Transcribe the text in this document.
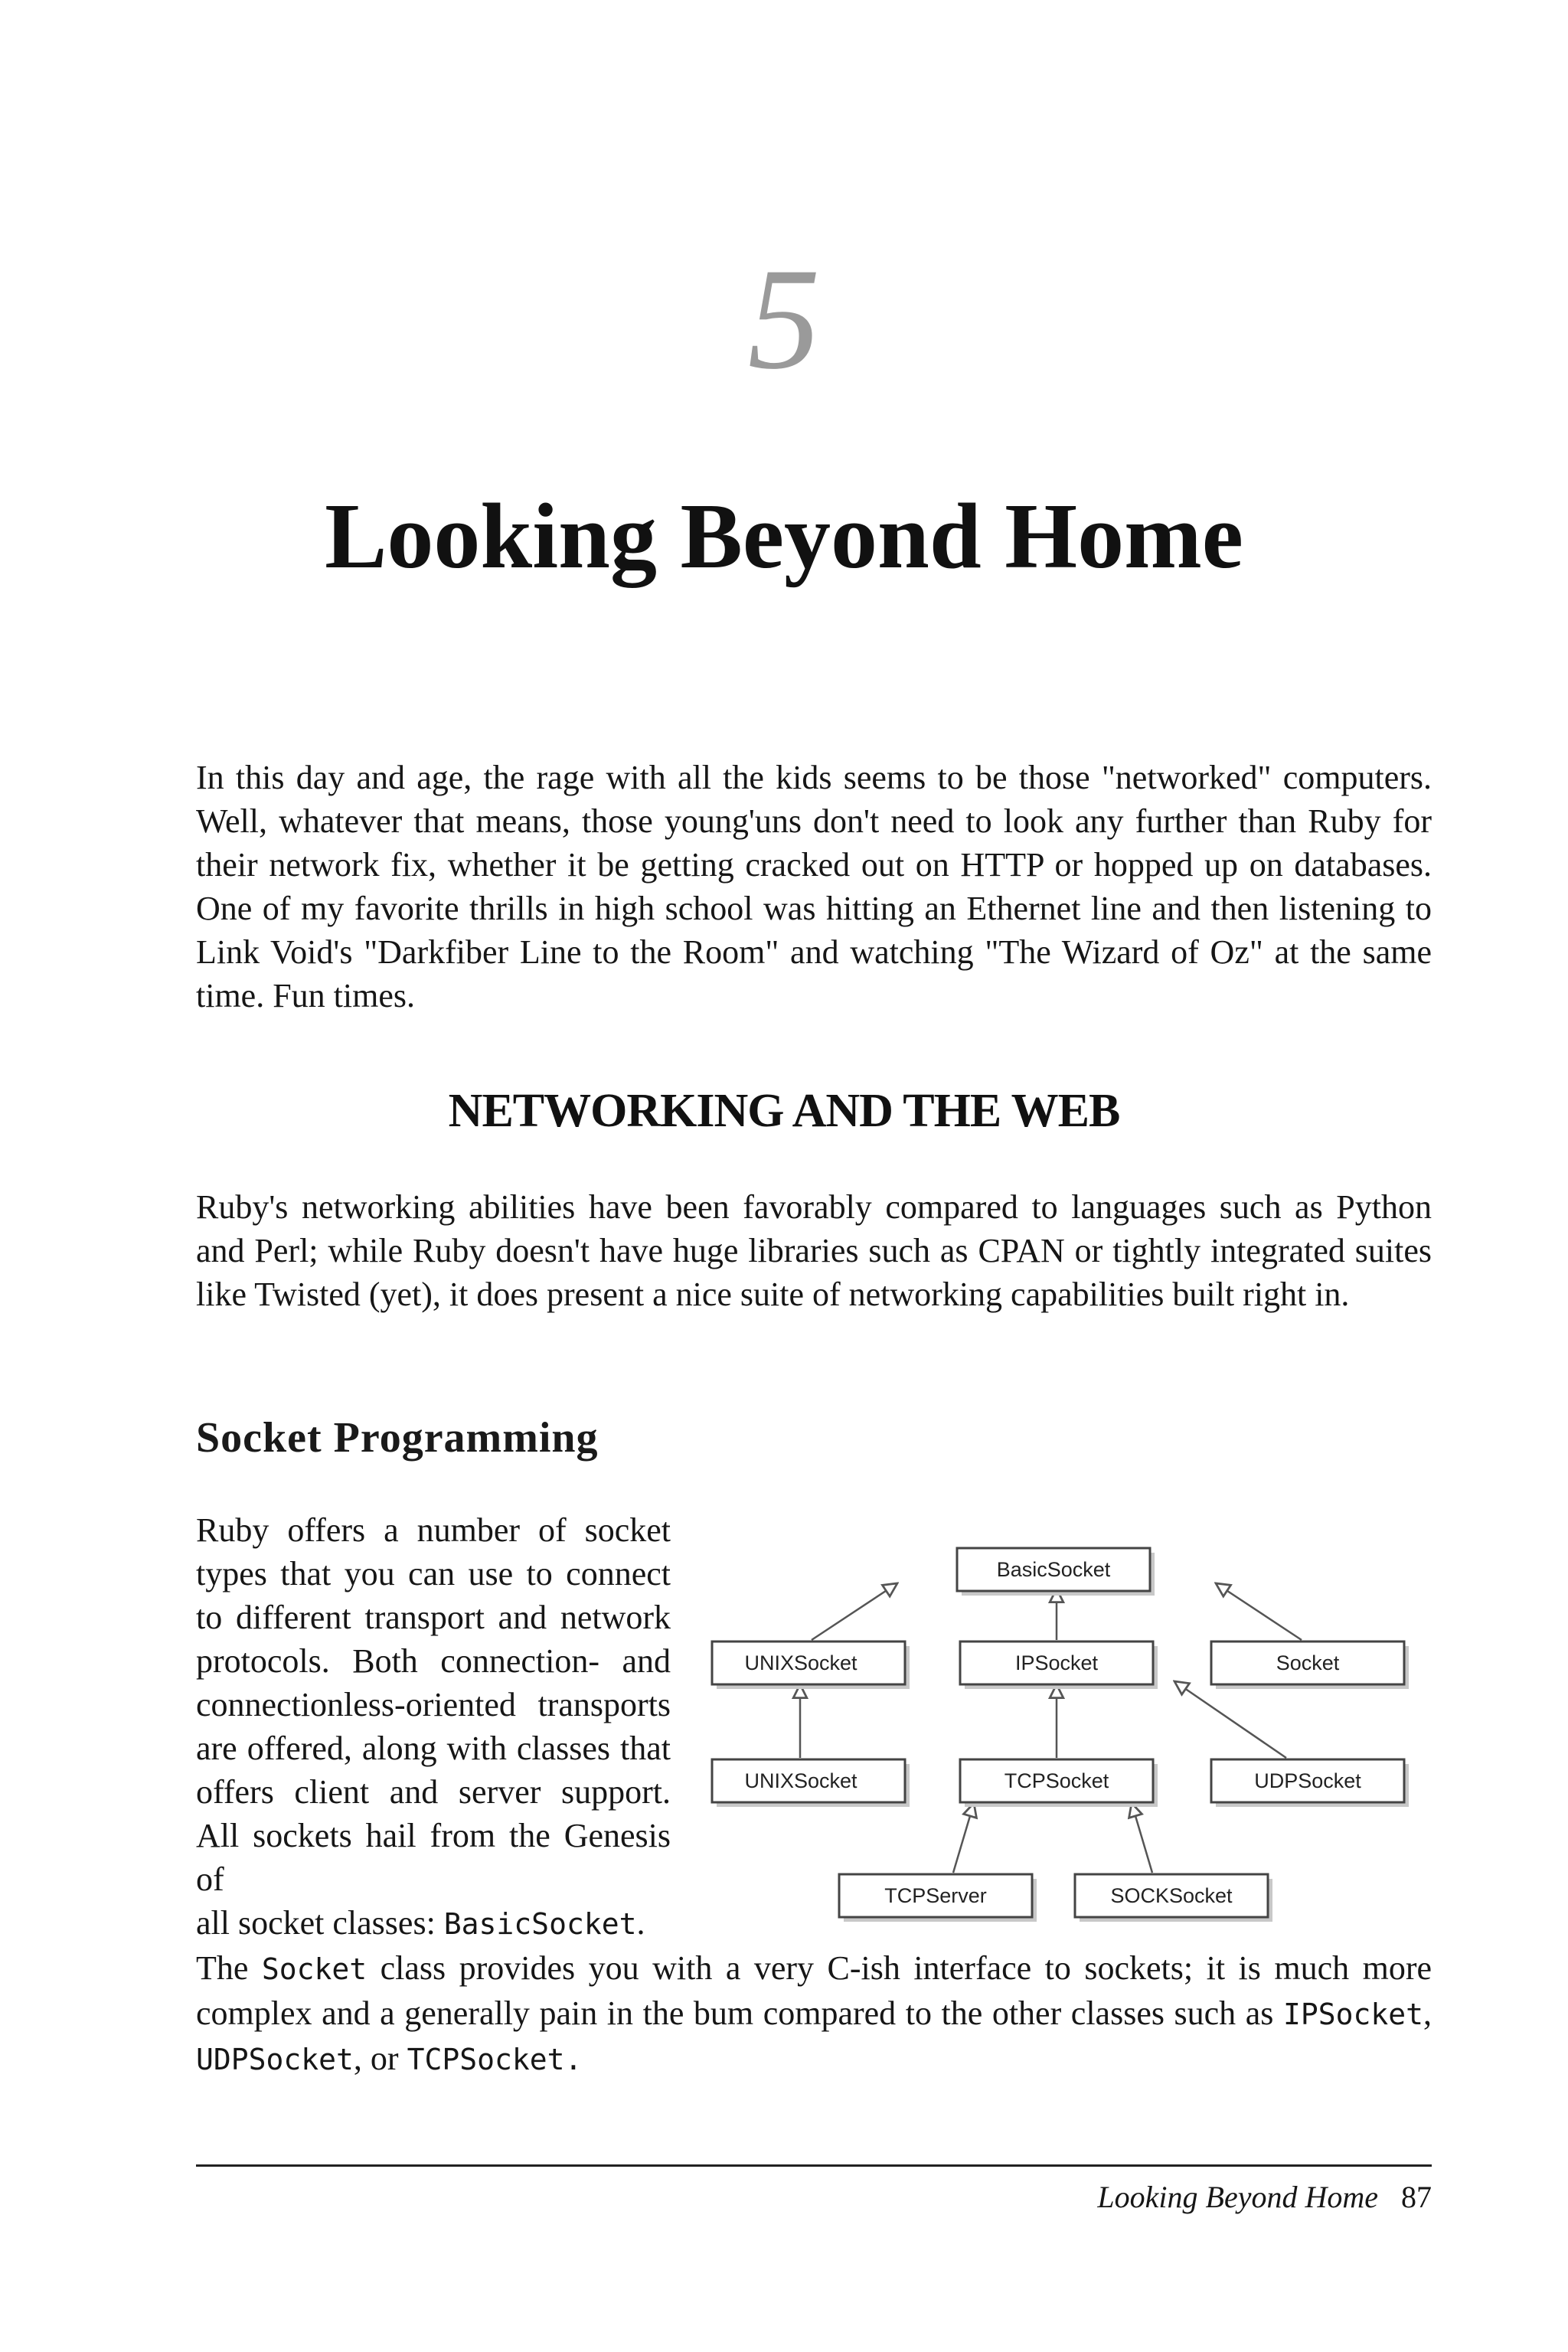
5
Looking Beyond Home

In this day and age, the rage with all the kids seems to be those "networked" computers. Well, whatever that means, those young'uns don't need to look any further than Ruby for their network fix, whether it be getting cracked out on HTTP or hopped up on databases. One of my favorite thrills in high school was hitting an Ethernet line and then listening to Link Void's "Darkfiber Line to the Room" and watching "The Wizard of Oz" at the same time. Fun times.

NETWORKING AND THE WEB

Ruby's networking abilities have been favorably compared to languages such as Python and Perl; while Ruby doesn't have huge libraries such as CPAN or tightly integrated suites like Twisted (yet), it does present a nice suite of networking capabilities built right in.

Socket Programming
Ruby offers a number of socket types that you can use to connect to different transport and network protocols. Both connection- and connectionless-oriented transports are offered, along with classes that offers client and server support. All sockets hail from the Genesis of
all socket classes: BasicSocket.

The Socket class provides you with a very C-ish interface to sockets; it is much more complex and a generally pain in the bum compared to the other classes such as IPSocket, UDPSocket, or TCPSocket.

BasicSocket
UNIXSocket	IPSocket	Socket
UNIXSocket	TCPSocket	UDPSocket
TCPServer	SOCKSocket
Looking Beyond Home 87
